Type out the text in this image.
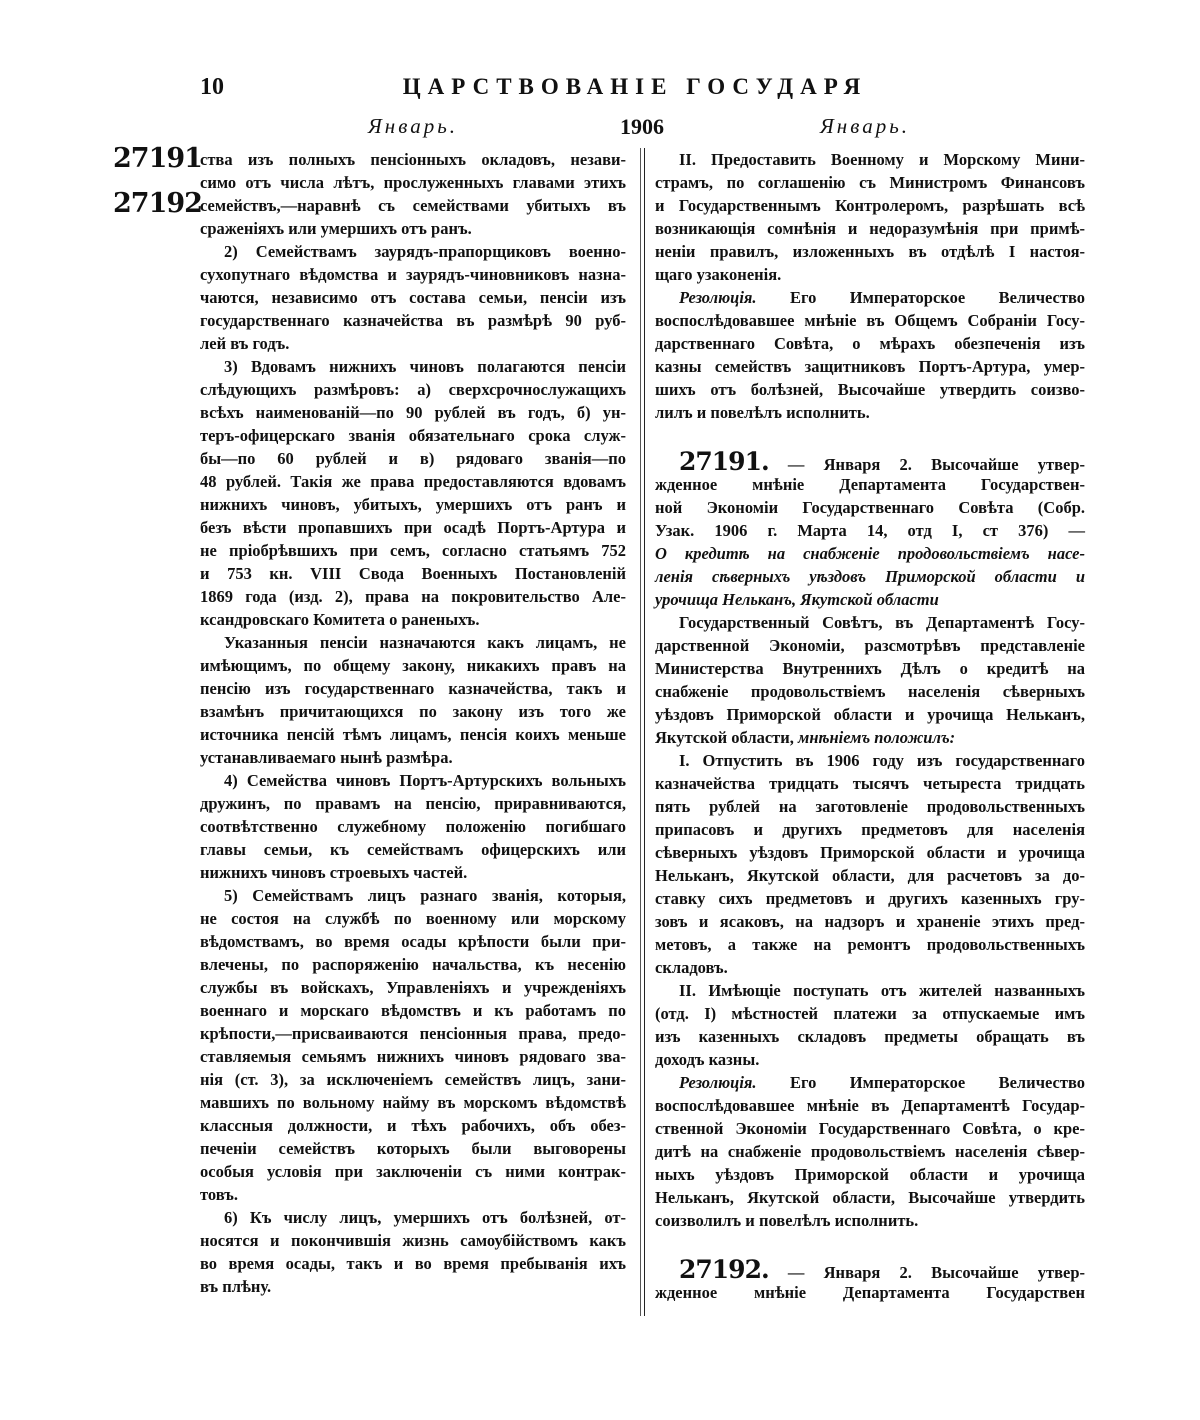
10	ЦАРСТВОВАНІЕ ГОСУДАРЯ
Январь.	1906	Январь.
27191
27192
ства изъ полныхъ пенсіонныхъ окладовъ, незави-
симо отъ числа лѣтъ, прослуженныхъ главами этихъ
семействъ,—наравнѣ съ семействами убитыхъ въ
сраженіяхъ или умершихъ отъ ранъ.
2) Семействамъ заурядъ-прапорщиковъ военно-
сухопутнаго вѣдомства и заурядъ-чиновниковъ назна-
чаются, независимо отъ состава семьи, пенсіи изъ
государственнаго казначейства въ размѣрѣ 90 руб-
лей въ годъ.
3) Вдовамъ нижнихъ чиновъ полагаются пенсіи
слѣдующихъ размѣровъ: а) сверхсрочнослужащихъ
всѣхъ наименованій—по 90 рублей въ годъ, б) ун-
теръ-офицерскаго званія обязательнаго срока служ-
бы—по 60 рублей и в) рядоваго званія—по
48 рублей. Такія же права предоставляются вдовамъ
нижнихъ чиновъ, убитыхъ, умершихъ отъ ранъ и
безъ вѣсти пропавшихъ при осадѣ Портъ-Артура и
не пріобрѣвшихъ при семъ, согласно статьямъ 752
и 753 кн. VIII Свода Военныхъ Постановленій
1869 года (изд. 2), права на покровительство Але-
ксандровскаго Комитета о раненыхъ.
Указанныя пенсіи назначаются какъ лицамъ, не
имѣющимъ, по общему закону, никакихъ правъ на
пенсію изъ государственнаго казначейства, такъ и
взамѣнъ причитающихся по закону изъ того же
источника пенсій тѣмъ лицамъ, пенсія коихъ меньше
устанавливаемаго нынѣ размѣра.
4) Семейства чиновъ Портъ-Артурскихъ вольныхъ
дружинъ, по правамъ на пенсію, приравниваются,
соотвѣтственно служебному положенію погибшаго
главы семьи, къ семействамъ офицерскихъ или
нижнихъ чиновъ строевыхъ частей.
5) Семействамъ лицъ разнаго званія, которыя,
не состоя на службѣ по военному или морскому
вѣдомствамъ, во время осады крѣпости были при-
влечены, по распоряженію начальства, къ несенію
службы въ войскахъ, Управленіяхъ и учрежденіяхъ
военнаго и морскаго вѣдомствъ и къ работамъ по
крѣпости,—присваиваются пенсіонныя права, предо-
ставляемыя семьямъ нижнихъ чиновъ рядоваго зва-
нія (ст. 3), за исключеніемъ семействъ лицъ, зани-
мавшихъ по вольному найму въ морскомъ вѣдомствѣ
классныя должности, и тѣхъ рабочихъ, объ обез-
печеніи семействъ которыхъ были выговорены
особыя условія при заключеніи съ ними контрак-
товъ.
6) Къ числу лицъ, умершихъ отъ болѣзней, от-
носятся и покончившія жизнь самоубійствомъ какъ
во время осады, такъ и во время пребыванія ихъ
въ плѣну.
II. Предоставить Военному и Морскому Мини-
страмъ, по соглашенію съ Министромъ Финансовъ
и Государственнымъ Контролеромъ, разрѣшать всѣ
возникающія сомнѣнія и недоразумѣнія при примѣ-
неніи правилъ, изложенныхъ въ отдѣлѣ I настоя-
щаго узаконенія.
Резолюція. Его Императорское Величество
воспослѣдовавшее мнѣніе въ Общемъ Собраніи Госу-
дарственнаго Совѣта, о мѣрахъ обезпеченія изъ
казны семействъ защитниковъ Портъ-Артура, умер-
шихъ отъ болѣзней, Высочайше утвердить соизво-
лилъ и повелѣлъ исполнить.
27191. — Января 2. Высочайше утвер-
жденное мнѣніе Департамента Государствен-
ной Экономіи Государственнаго Совѣта (Собр.
Узак. 1906 г. Марта 14, отд I, ст 376) —
О кредитѣ на снабженіе продовольствіемъ насе-
ленія сѣверныхъ уѣздовъ Приморской области и
урочища Нельканъ, Якутской области
Государственный Совѣтъ, въ Департаментѣ Госу-
дарственной Экономіи, разсмотрѣвъ представленіе
Министерства Внутреннихъ Дѣлъ о кредитѣ на
снабженіе продовольствіемъ населенія сѣверныхъ
уѣздовъ Приморской области и урочища Нельканъ,
Якутской области, мнѣніемъ положилъ:
I. Отпустить въ 1906 году изъ государственнаго
казначейства тридцать тысячъ четыреста тридцать
пять рублей на заготовленіе продовольственныхъ
припасовъ и другихъ предметовъ для населенія
сѣверныхъ уѣздовъ Приморской области и урочища
Нельканъ, Якутской области, для расчетовъ за до-
ставку сихъ предметовъ и другихъ казенныхъ гру-
зовъ и ясаковъ, на надзоръ и храненіе этихъ пред-
метовъ, а также на ремонтъ продовольственныхъ
складовъ.
II. Имѣющіе поступать отъ жителей названныхъ
(отд. I) мѣстностей платежи за отпускаемые имъ
изъ казенныхъ складовъ предметы обращать въ
доходъ казны.
Резолюція. Его Императорское Величество
воспослѣдовавшее мнѣніе въ Департаментѣ Государ-
ственной Экономіи Государственнаго Совѣта, о кре-
дитѣ на снабженіе продовольствіемъ населенія сѣвер-
ныхъ уѣздовъ Приморской области и урочища
Нельканъ, Якутской области, Высочайше утвердить
соизволилъ и повелѣлъ исполнить.
27192. — Января 2. Высочайше утвер-
жденное мнѣніе Департамента Государствен
